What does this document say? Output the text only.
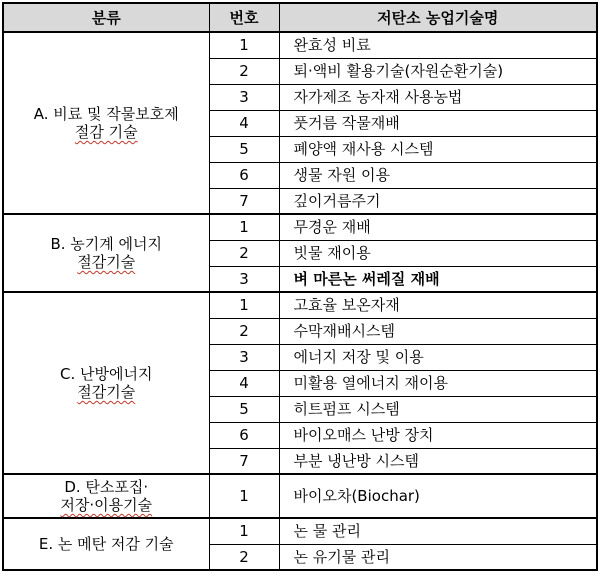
분류	번호	저탄소 농업기술명

A. 비료 및 작물보호제
절감 기술	1	완효성 비료
	2	퇴·액비 활용기술(자원순환기술)
	3	자가제조 농자재 사용농법
	4	풋거름 작물재배
	5	폐양액 재사용 시스템
	6	생물 자원 이용
	7	깊이거름주기

B. 농기계 에너지
절감기술	1	무경운 재배
	2	빗물 재이용
	3	벼 마른논 써레질 재배

C. 난방에너지
절감기술	1	고효율 보온자재
	2	수막재배시스템
	3	에너지 저장 및 이용
	4	미활용 열에너지 재이용
	5	히트펌프 시스템
	6	바이오매스 난방 장치
	7	부분 냉난방 시스템

D. 탄소포집·
저장·이용기술	1	바이오차(Biochar)

E. 논 메탄 저감 기술	1	논 물 관리
	2	논 유기물 관리
